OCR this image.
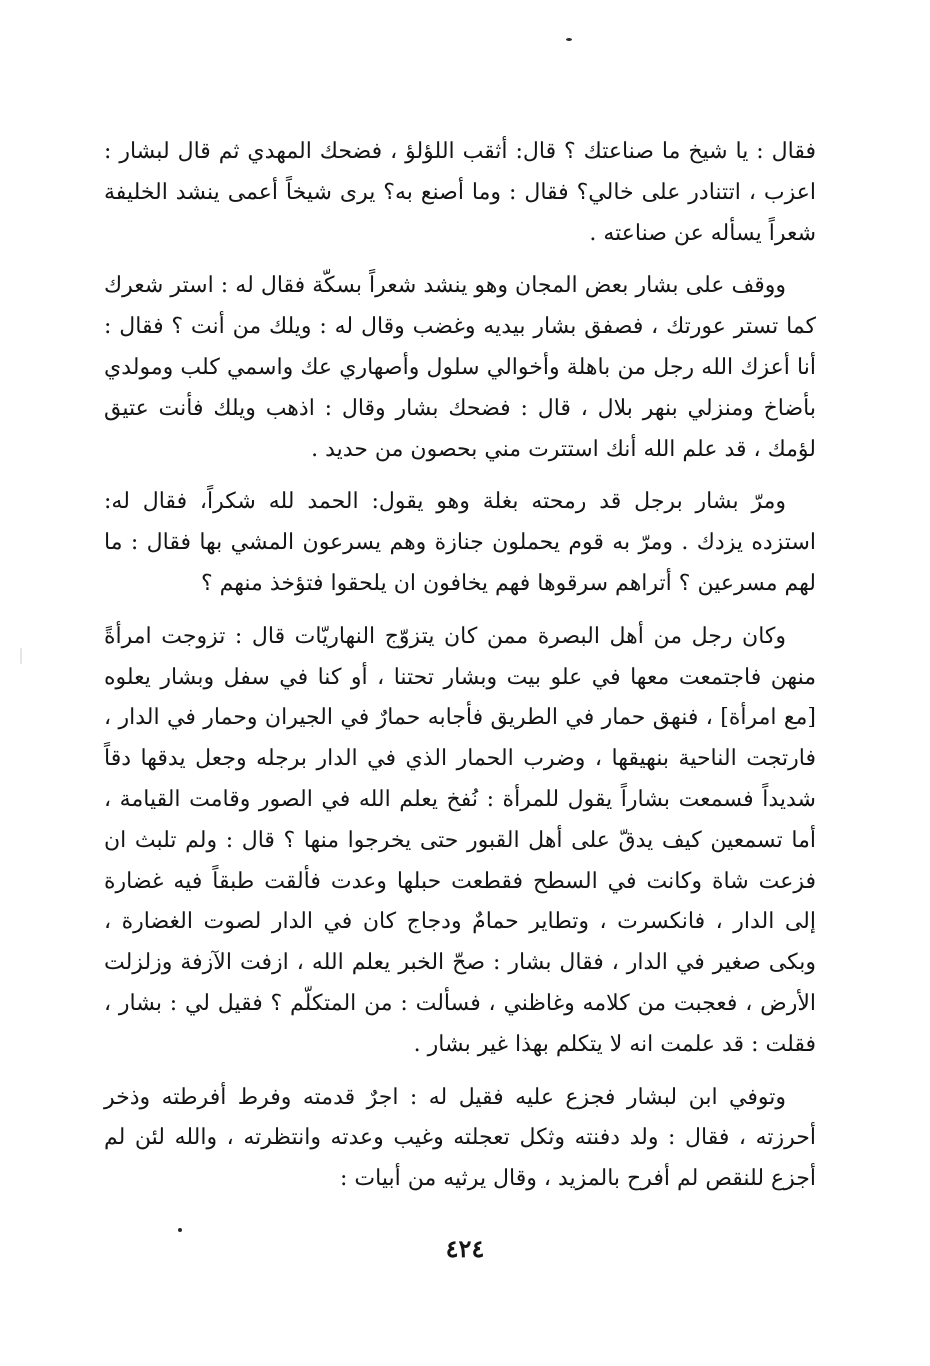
فقال : يا شيخ ما صناعتك ؟ قال: أثقب اللؤلؤ ، فضحك المهدي ثم قال لبشار : اعزب ، اتتنادر على خالي؟ فقال : وما أصنع به؟ يرى شيخاً أعمى ينشد الخليفة شعراً يسأله عن صناعته .

ووقف على بشار بعض المجان وهو ينشد شعراً بسكّة فقال له : استر شعرك كما تستر عورتك ، فصفق بشار بيديه وغضب وقال له : ويلك من أنت ؟ فقال : أنا أعزك الله رجل من باهلة وأخوالي سلول وأصهاري عك واسمي كلب ومولدي بأضاخ ومنزلي بنهر بلال ، قال : فضحك بشار وقال : اذهب ويلك فأنت عتيق لؤمك ، قد علم الله أنك استترت مني بحصون من حديد .

ومرّ بشار برجل قد رمحته بغلة وهو يقول: الحمد لله شكراً، فقال له: استزده يزدك . ومرّ به قوم يحملون جنازة وهم يسرعون المشي بها فقال : ما لهم مسرعين ؟ أتراهم سرقوها فهم يخافون ان يلحقوا فتؤخذ منهم ؟

وكان رجل من أهل البصرة ممن كان يتزوّج النهاريّات قال : تزوجت امرأةً منهن فاجتمعت معها في علو بيت وبشار تحتنا ، أو كنا في سفل وبشار يعلوه [مع امرأة] ، فنهق حمار في الطريق فأجابه حمارٌ في الجيران وحمار في الدار ، فارتجت الناحية بنهيقها ، وضرب الحمار الذي في الدار برجله وجعل يدقها دقاً شديداً فسمعت بشاراً يقول للمرأة : نُفخ يعلم الله في الصور وقامت القيامة ، أما تسمعين كيف يدقّ على أهل القبور حتى يخرجوا منها ؟ قال : ولم تلبث ان فزعت شاة وكانت في السطح فقطعت حبلها وعدت فألقت طبقاً فيه غضارة إلى الدار ، فانكسرت ، وتطاير حمامٌ ودجاج كان في الدار لصوت الغضارة ، وبكى صغير في الدار ، فقال بشار : صحّ الخبر يعلم الله ، ازفت الآزفة وزلزلت الأرض ، فعجبت من كلامه وغاظني ، فسألت : من المتكلّم ؟ فقيل لي : بشار ، فقلت : قد علمت انه لا يتكلم بهذا غير بشار .

وتوفي ابن لبشار فجزع عليه فقيل له : اجرٌ قدمته وفرط أفرطته وذخر أحرزته ، فقال : ولد دفنته وثكل تعجلته وغيب وعدته وانتظرته ، والله لئن لم أجزع للنقص لم أفرح بالمزيد ، وقال يرثيه من أبيات :

٤٢٤
